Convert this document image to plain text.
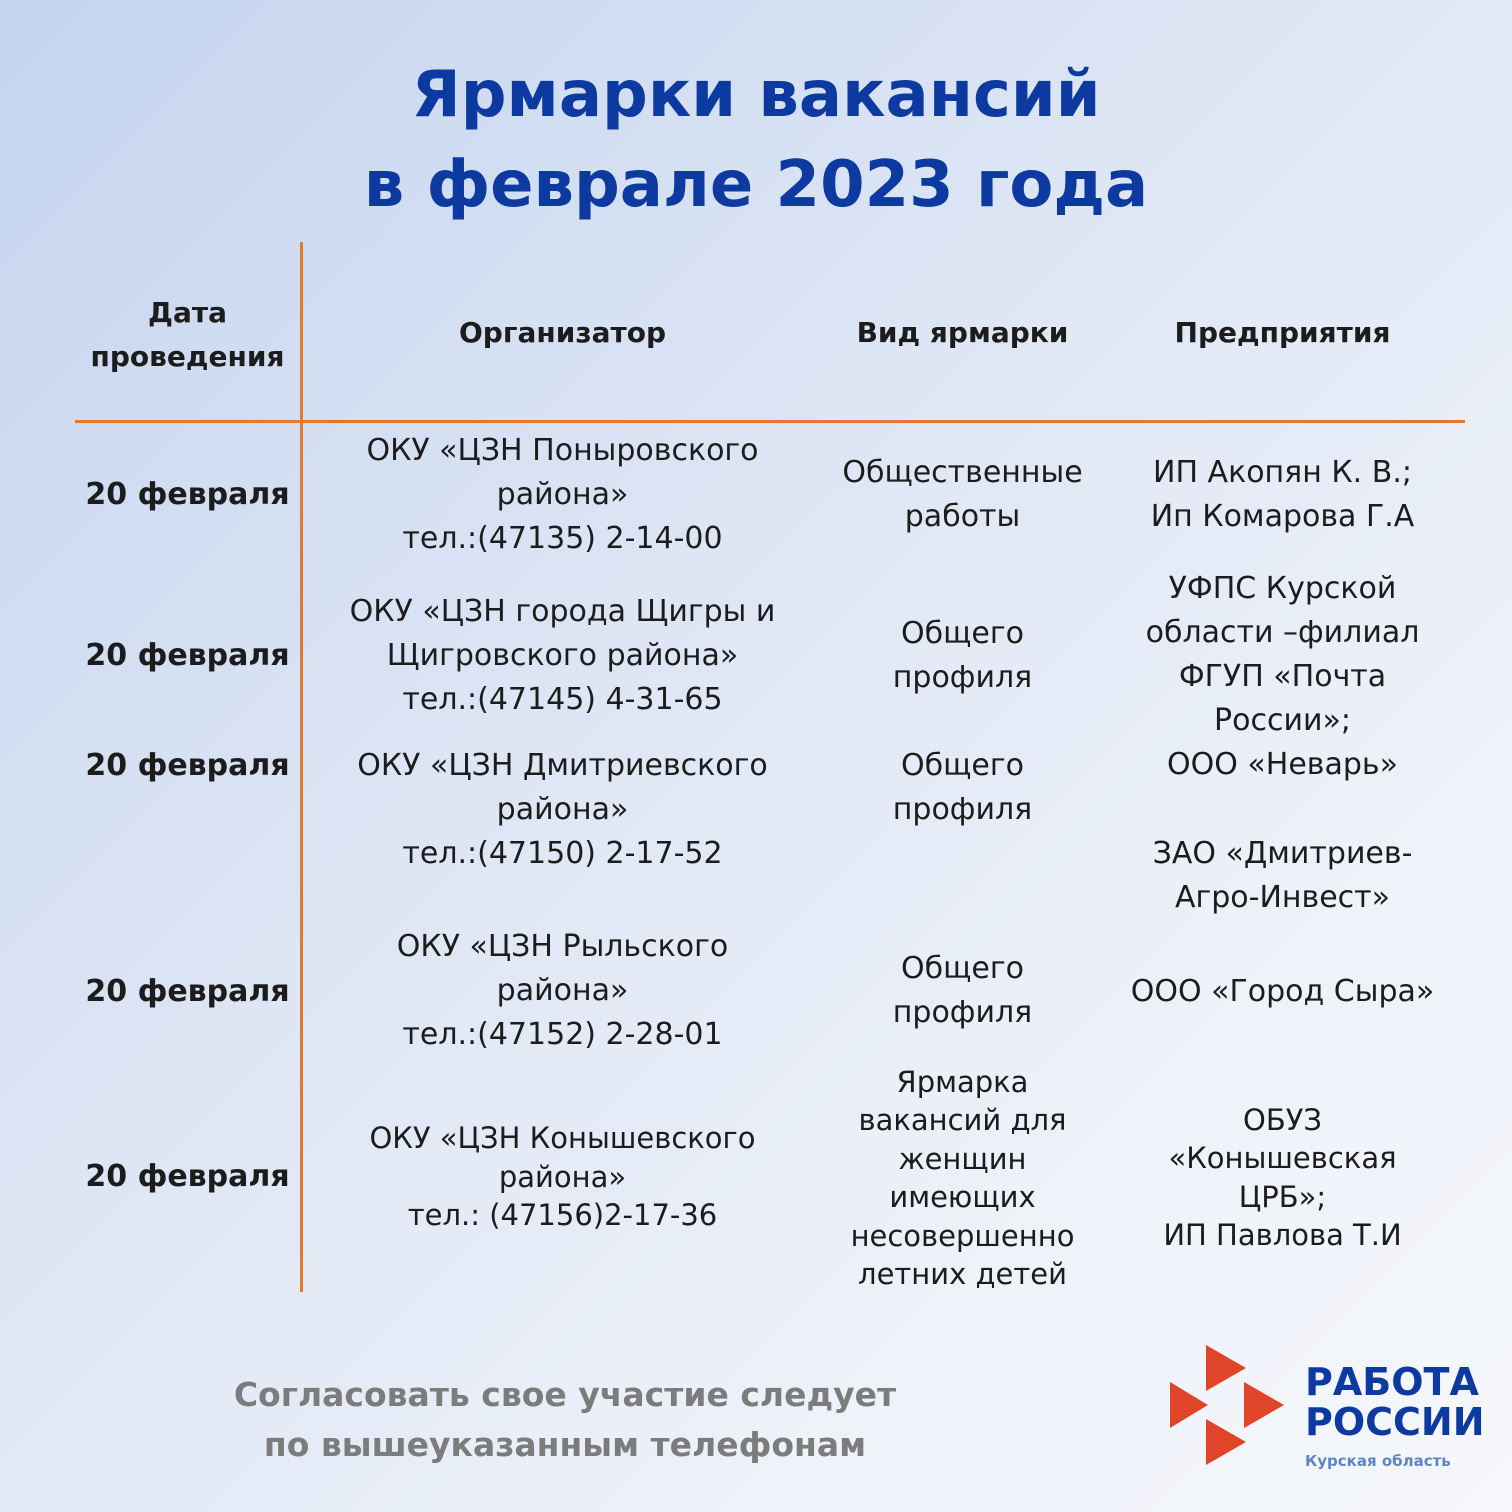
Ярмарки вакансий
в феврале 2023 года
Дата
проведения
Организатор	Вид ярмарки	Предприятия
20 февраля
ОКУ «ЦЗН Поныровского
района»
тел.:(47135) 2-14-00
Общественные
работы
ИП Акопян К. В.;
Ип Комарова Г.А
20 февраля
ОКУ «ЦЗН города Щигры и
Щигровского района»
тел.:(47145) 4-31-65
Общего
профиля
УФПС Курской
области –филиал
ФГУП «Почта
России»;
ООО «Неварь»
20 февраля ОКУ «ЦЗН Дмитриевского
района»
тел.:(47150) 2-17-52
Общего
профиля
ЗАО «Дмитриев-
Агро-Инвест»
20 февраля
ОКУ «ЦЗН Рыльского
района»
тел.:(47152) 2-28-01
Общего
профиля
ООО «Город Сыра»
20 февраля
ОКУ «ЦЗН Конышевского
района»
тел.: (47156)2-17-36
Ярмарка
вакансий для
женщин
имеющих
несовершенно
летних детей
ОБУЗ
«Конышевская
ЦРБ»;
ИП Павлова Т.И
Согласовать свое участие следует
по вышеуказанным телефонам
РАБОТА
РОССИИ
Курская область
